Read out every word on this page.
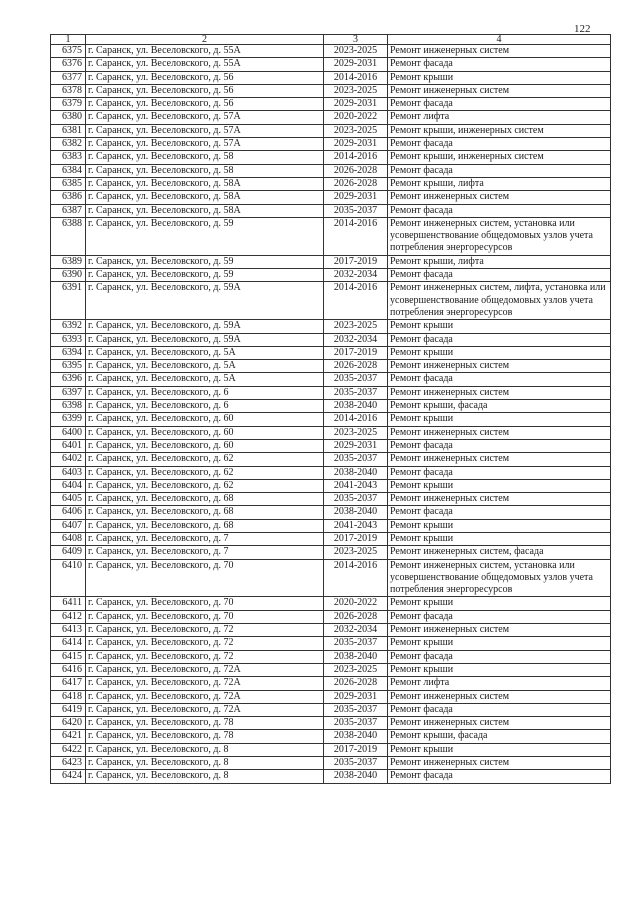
122
1	2	3	4
6375	г. Саранск, ул. Веселовского, д. 55А	2023-2025	Ремонт инженерных систем
6376	г. Саранск, ул. Веселовского, д. 55А	2029-2031	Ремонт фасада
6377	г. Саранск, ул. Веселовского, д. 56	2014-2016	Ремонт крыши
6378	г. Саранск, ул. Веселовского, д. 56	2023-2025	Ремонт инженерных систем
6379	г. Саранск, ул. Веселовского, д. 56	2029-2031	Ремонт фасада
6380	г. Саранск, ул. Веселовского, д. 57А	2020-2022	Ремонт лифта
6381	г. Саранск, ул. Веселовского, д. 57А	2023-2025	Ремонт крыши, инженерных систем
6382	г. Саранск, ул. Веселовского, д. 57А	2029-2031	Ремонт фасада
6383	г. Саранск, ул. Веселовского, д. 58	2014-2016	Ремонт крыши, инженерных систем
6384	г. Саранск, ул. Веселовского, д. 58	2026-2028	Ремонт фасада
6385	г. Саранск, ул. Веселовского, д. 58А	2026-2028	Ремонт крыши, лифта
6386	г. Саранск, ул. Веселовского, д. 58А	2029-2031	Ремонт инженерных систем
6387	г. Саранск, ул. Веселовского, д. 58А	2035-2037	Ремонт фасада
6388	г. Саранск, ул. Веселовского, д. 59	2014-2016	Ремонт инженерных систем, установка или усовершенствование общедомовых узлов учета потребления энергоресурсов
6389	г. Саранск, ул. Веселовского, д. 59	2017-2019	Ремонт крыши, лифта
6390	г. Саранск, ул. Веселовского, д. 59	2032-2034	Ремонт фасада
6391	г. Саранск, ул. Веселовского, д. 59А	2014-2016	Ремонт инженерных систем, лифта, установка или усовершенствование общедомовых узлов учета потребления энергоресурсов
6392	г. Саранск, ул. Веселовского, д. 59А	2023-2025	Ремонт крыши
6393	г. Саранск, ул. Веселовского, д. 59А	2032-2034	Ремонт фасада
6394	г. Саранск, ул. Веселовского, д. 5А	2017-2019	Ремонт крыши
6395	г. Саранск, ул. Веселовского, д. 5А	2026-2028	Ремонт инженерных систем
6396	г. Саранск, ул. Веселовского, д. 5А	2035-2037	Ремонт фасада
6397	г. Саранск, ул. Веселовского, д. 6	2035-2037	Ремонт инженерных систем
6398	г. Саранск, ул. Веселовского, д. 6	2038-2040	Ремонт крыши, фасада
6399	г. Саранск, ул. Веселовского, д. 60	2014-2016	Ремонт крыши
6400	г. Саранск, ул. Веселовского, д. 60	2023-2025	Ремонт инженерных систем
6401	г. Саранск, ул. Веселовского, д. 60	2029-2031	Ремонт фасада
6402	г. Саранск, ул. Веселовского, д. 62	2035-2037	Ремонт инженерных систем
6403	г. Саранск, ул. Веселовского, д. 62	2038-2040	Ремонт фасада
6404	г. Саранск, ул. Веселовского, д. 62	2041-2043	Ремонт крыши
6405	г. Саранск, ул. Веселовского, д. 68	2035-2037	Ремонт инженерных систем
6406	г. Саранск, ул. Веселовского, д. 68	2038-2040	Ремонт фасада
6407	г. Саранск, ул. Веселовского, д. 68	2041-2043	Ремонт крыши
6408	г. Саранск, ул. Веселовского, д. 7	2017-2019	Ремонт крыши
6409	г. Саранск, ул. Веселовского, д. 7	2023-2025	Ремонт инженерных систем, фасада
6410	г. Саранск, ул. Веселовского, д. 70	2014-2016	Ремонт инженерных систем, установка или усовершенствование общедомовых узлов учета потребления энергоресурсов
6411	г. Саранск, ул. Веселовского, д. 70	2020-2022	Ремонт крыши
6412	г. Саранск, ул. Веселовского, д. 70	2026-2028	Ремонт фасада
6413	г. Саранск, ул. Веселовского, д. 72	2032-2034	Ремонт инженерных систем
6414	г. Саранск, ул. Веселовского, д. 72	2035-2037	Ремонт крыши
6415	г. Саранск, ул. Веселовского, д. 72	2038-2040	Ремонт фасада
6416	г. Саранск, ул. Веселовского, д. 72А	2023-2025	Ремонт крыши
6417	г. Саранск, ул. Веселовского, д. 72А	2026-2028	Ремонт лифта
6418	г. Саранск, ул. Веселовского, д. 72А	2029-2031	Ремонт инженерных систем
6419	г. Саранск, ул. Веселовского, д. 72А	2035-2037	Ремонт фасада
6420	г. Саранск, ул. Веселовского, д. 78	2035-2037	Ремонт инженерных систем
6421	г. Саранск, ул. Веселовского, д. 78	2038-2040	Ремонт крыши, фасада
6422	г. Саранск, ул. Веселовского, д. 8	2017-2019	Ремонт крыши
6423	г. Саранск, ул. Веселовского, д. 8	2035-2037	Ремонт инженерных систем
6424	г. Саранск, ул. Веселовского, д. 8	2038-2040	Ремонт фасада
